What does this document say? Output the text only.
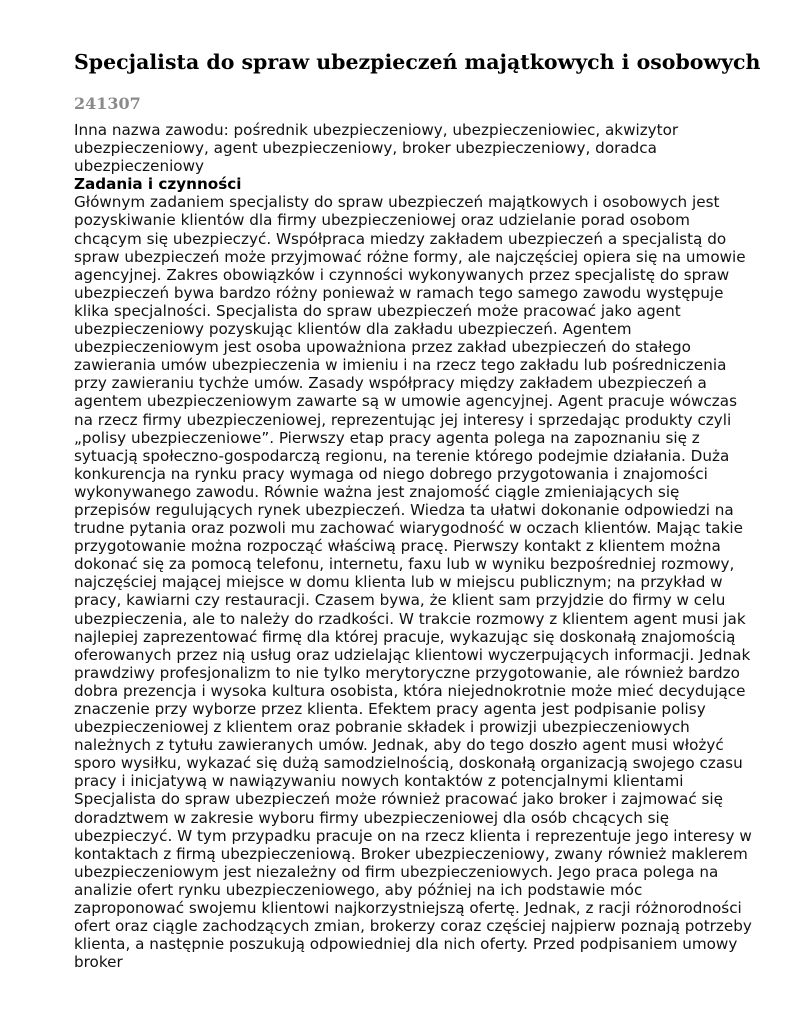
Specjalista do spraw ubezpieczeń majątkowych i osobowych
241307

Inna nazwa zawodu: pośrednik ubezpieczeniowy, ubezpieczeniowiec, akwizytor ubezpieczeniowy, agent ubezpieczeniowy, broker ubezpieczeniowy, doradca ubezpieczeniowy

Zadania i czynności

Głównym zadaniem specjalisty do spraw ubezpieczeń majątkowych i osobowych jest pozyskiwanie klientów dla firmy ubezpieczeniowej oraz udzielanie porad osobom chcącym się ubezpieczyć. Współpraca miedzy zakładem ubezpieczeń a specjalistą do spraw ubezpieczeń może przyjmować różne formy, ale najczęściej opiera się na umowie agencyjnej. Zakres obowiązków i czynności wykonywanych przez specjalistę do spraw ubezpieczeń bywa bardzo różny ponieważ w ramach tego samego zawodu występuje klika specjalności. Specjalista do spraw ubezpieczeń może pracować jako agent ubezpieczeniowy pozyskując klientów dla zakładu ubezpieczeń. Agentem ubezpieczeniowym jest osoba upoważniona przez zakład ubezpieczeń do stałego zawierania umów ubezpieczenia w imieniu i na rzecz tego zakładu lub pośredniczenia przy zawieraniu tychże umów. Zasady współpracy między zakładem ubezpieczeń a agentem ubezpieczeniowym zawarte są w umowie agencyjnej. Agent pracuje wówczas na rzecz firmy ubezpieczeniowej, reprezentując jej interesy i sprzedając produkty czyli „polisy ubezpieczeniowe”. Pierwszy etap pracy agenta polega na zapoznaniu się z sytuacją społeczno-gospodarczą regionu, na terenie którego podejmie działania. Duża konkurencja na rynku pracy wymaga od niego dobrego przygotowania i znajomości wykonywanego zawodu. Równie ważna jest znajomość ciągle zmieniających się przepisów regulujących rynek ubezpieczeń. Wiedza ta ułatwi dokonanie odpowiedzi na trudne pytania oraz pozwoli mu zachować wiarygodność w oczach klientów. Mając takie przygotowanie można rozpocząć właściwą pracę. Pierwszy kontakt z klientem można dokonać się za pomocą telefonu, internetu, faxu lub w wyniku bezpośredniej rozmowy, najczęściej mającej miejsce w domu klienta lub w miejscu publicznym; na przykład w pracy, kawiarni czy restauracji. Czasem bywa, że klient sam przyjdzie do firmy w celu ubezpieczenia, ale to należy do rzadkości. W trakcie rozmowy z klientem agent musi jak najlepiej zaprezentować firmę dla której pracuje, wykazując się doskonałą znajomością oferowanych przez nią usług oraz udzielając klientowi wyczerpujących informacji. Jednak prawdziwy profesjonalizm to nie tylko merytoryczne przygotowanie, ale również bardzo dobra prezencja i wysoka kultura osobista, która niejednokrotnie może mieć decydujące znaczenie przy wyborze przez klienta. Efektem pracy agenta jest podpisanie polisy ubezpieczeniowej z klientem oraz pobranie składek i prowizji ubezpieczeniowych należnych z tytułu zawieranych umów. Jednak, aby do tego doszło agent musi włożyć sporo wysiłku, wykazać się dużą samodzielnością, doskonałą organizacją swojego czasu pracy i inicjatywą w nawiązywaniu nowych kontaktów z potencjalnymi klientami Specjalista do spraw ubezpieczeń może również pracować jako broker i zajmować się doradztwem w zakresie wyboru firmy ubezpieczeniowej dla osób chcących się ubezpieczyć. W tym przypadku pracuje on na rzecz klienta i reprezentuje jego interesy w kontaktach z firmą ubezpieczeniową. Broker ubezpieczeniowy, zwany również maklerem ubezpieczeniowym jest niezależny od firm ubezpieczeniowych. Jego praca polega na analizie ofert rynku ubezpieczeniowego, aby później na ich podstawie móc zaproponować swojemu klientowi najkorzystniejszą ofertę. Jednak, z racji różnorodności ofert oraz ciągle zachodzących zmian, brokerzy coraz częściej najpierw poznają potrzeby klienta, a następnie poszukują odpowiedniej dla nich oferty. Przed podpisaniem umowy broker
